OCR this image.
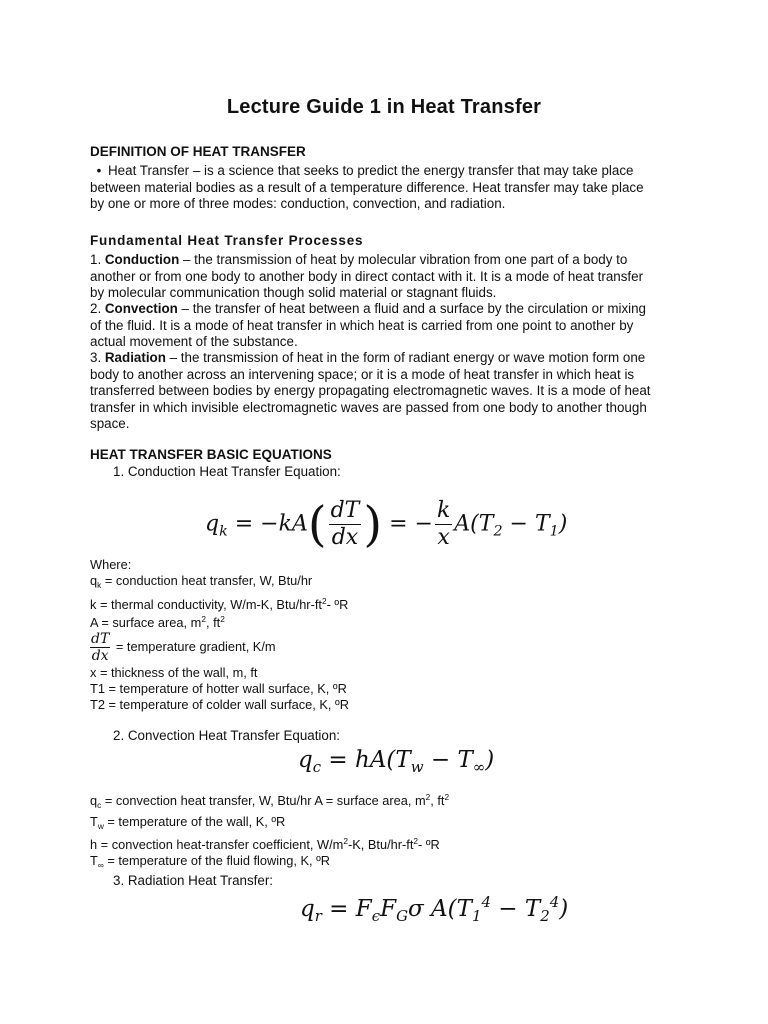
Lecture Guide 1 in Heat Transfer
DEFINITION OF HEAT TRANSFER
• Heat Transfer – is a science that seeks to predict the energy transfer that may take place
between material bodies as a result of a temperature difference. Heat transfer may take place
by one or more of three modes: conduction, convection, and radiation.
Fundamental Heat Transfer Processes
1. Conduction – the transmission of heat by molecular vibration from one part of a body to
another or from one body to another body in direct contact with it. It is a mode of heat transfer
by molecular communication though solid material or stagnant fluids.
2. Convection – the transfer of heat between a fluid and a surface by the circulation or mixing
of the fluid. It is a mode of heat transfer in which heat is carried from one point to another by
actual movement of the substance.
3. Radiation – the transmission of heat in the form of radiant energy or wave motion form one
body to another across an intervening space; or it is a mode of heat transfer in which heat is
transferred between bodies by energy propagating electromagnetic waves. It is a mode of heat
transfer in which invisible electromagnetic waves are passed from one body to another though
space.
HEAT TRANSFER BASIC EQUATIONS
1. Conduction Heat Transfer Equation:
$q_k = -kA( \frac{dT}{dx}$ ) = − $\frac{k}{x} A(T_2 - T_1)$
Where:
$q_k$ = conduction heat transfer, W, Btu/hr
k = thermal conductivity, W/m-K, Btu/$hr-ft^2-$ ºR
A = surface area, $m^2$, $ft^2$
$\frac{dT}{dx}$ = temperature gradient, K/m
x = thickness of the wall, m, ft
T1 = temperature of hotter wall surface, K, ºR
T2 = temperature of colder wall surface, K, ºR
2. Convection Heat Transfer Equation:
$q_c = hA(T_w - T_\infty)$
$q_c$ = convection heat transfer, W, Btu/hr A = surface area, $m^2$, $ft^2$
$T_w$ = temperature of the wall, K, ºR
h = convection heat-transfer coefficient, $W/m^2-K$, Btu/$hr-ft^2-$ ºR
$T_\infty$ = temperature of the fluid flowing, K, ºR
3. Radiation Heat Transfer:
$q_r = F_\epsilon F_G\sigma$ $A(T_1^4 - T_2^4)$
